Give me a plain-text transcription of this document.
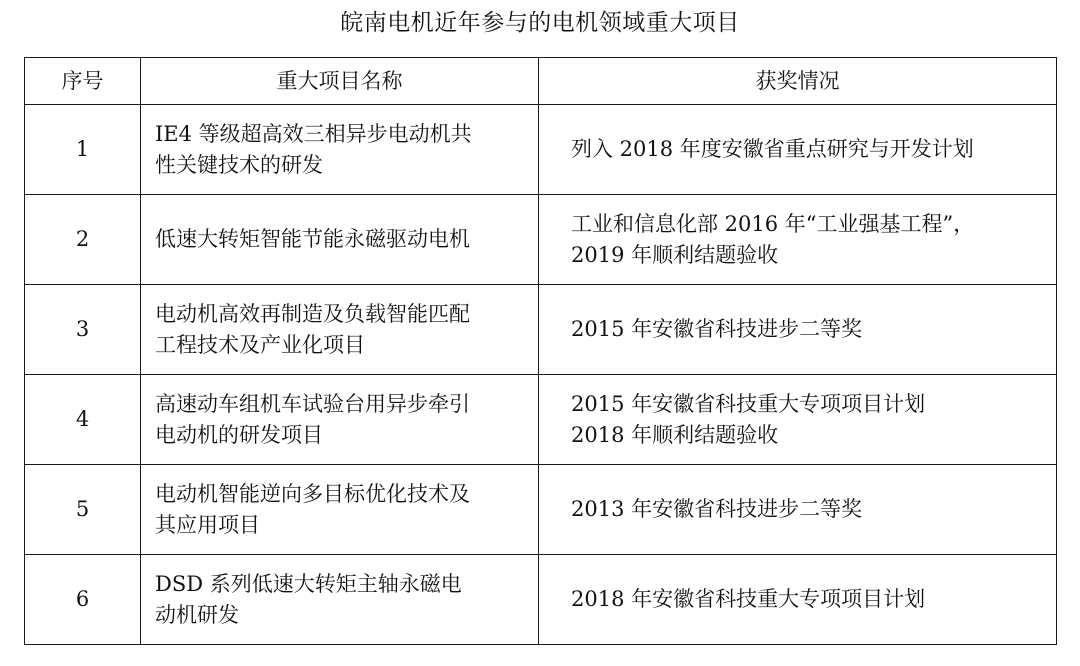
皖南电机近年参与的电机领域重大项目
序号	重大项目名称	获奖情况
1	IE4 等级超高效三相异步电动机共
性关键技术的研发	列入 2018 年度安徽省重点研究与开发计划

2	低速大转矩智能节能永磁驱动电机	工业和信息化部 2016 年“工业强基工程”，
2019 年顺利结题验收

3	电动机高效再制造及负载智能匹配
工程技术及产业化项目	2015 年安徽省科技进步二等奖

4	高速动车组机车试验台用异步牵引
电动机的研发项目	2015 年安徽省科技重大专项项目计划
2018 年顺利结题验收

5	电动机智能逆向多目标优化技术及
其应用项目	2013 年安徽省科技进步二等奖

6	DSD 系列低速大转矩主轴永磁电
动机研发	2018 年安徽省科技重大专项项目计划
